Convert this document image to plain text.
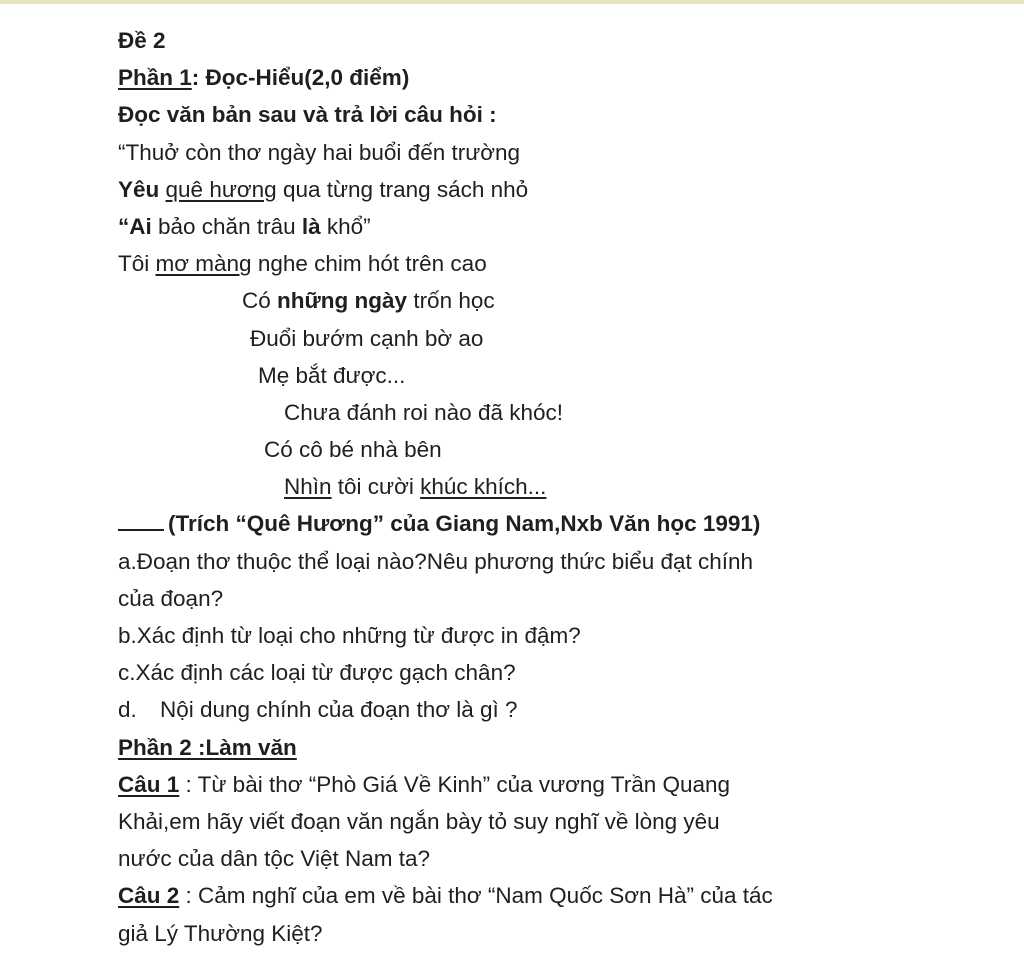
Đề 2
Phần 1: Đọc-Hiểu(2,0 điểm)
Đọc văn bản sau và trả lời câu hỏi :
“Thuở còn thơ ngày hai buổi đến trường
Yêu quê hương qua từng trang sách nhỏ
“Ai bảo chăn trâu là khổ”
Tôi mơ màng nghe chim hót trên cao
Có những ngày trốn học
Đuổi bướm cạnh bờ ao
Mẹ bắt được...
Chưa đánh roi nào đã khóc!
Có cô bé nhà bên
Nhìn tôi cười khúc khích...
(Trích “Quê Hương” của Giang Nam,Nxb Văn học 1991)
a.Đoạn thơ thuộc thể loại nào?Nêu phương thức biểu đạt chính
của đoạn?
b.Xác định từ loại cho những từ được in đậm?
c.Xác định các loại từ được gạch chân?
d. Nội dung chính của đoạn thơ là gì ?
Phần 2 :Làm văn
Câu 1 : Từ bài thơ “Phò Giá Về Kinh” của vương Trần Quang
Khải,em hãy viết đoạn văn ngắn bày tỏ suy nghĩ về lòng yêu
nước của dân tộc Việt Nam ta?
Câu 2 : Cảm nghĩ của em về bài thơ “Nam Quốc Sơn Hà” của tác
giả Lý Thường Kiệt?
